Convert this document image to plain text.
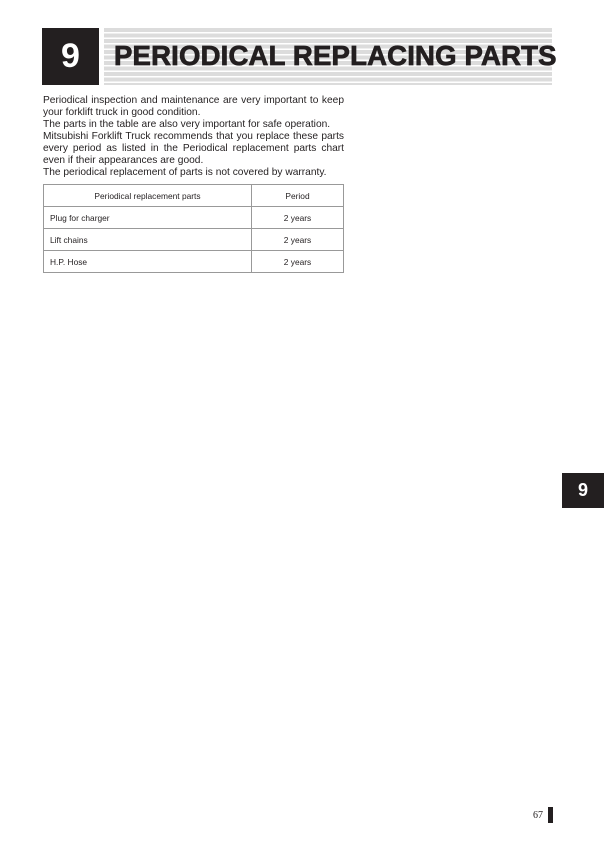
9 PERIODICAL REPLACING PARTS

Periodical inspection and maintenance are very important to keep your forklift truck in good condition.

The parts in the table are also very important for safe operation.

Mitsubishi Forklift Truck recommends that you replace these parts every period as listed in the Periodical replacement parts chart even if their appearances are good.

The periodical replacement of parts is not covered by warranty.

Periodical replacement parts	Period
Plug for charger	2 years
Lift chains	2 years
H.P. Hose	2 years
9
67
